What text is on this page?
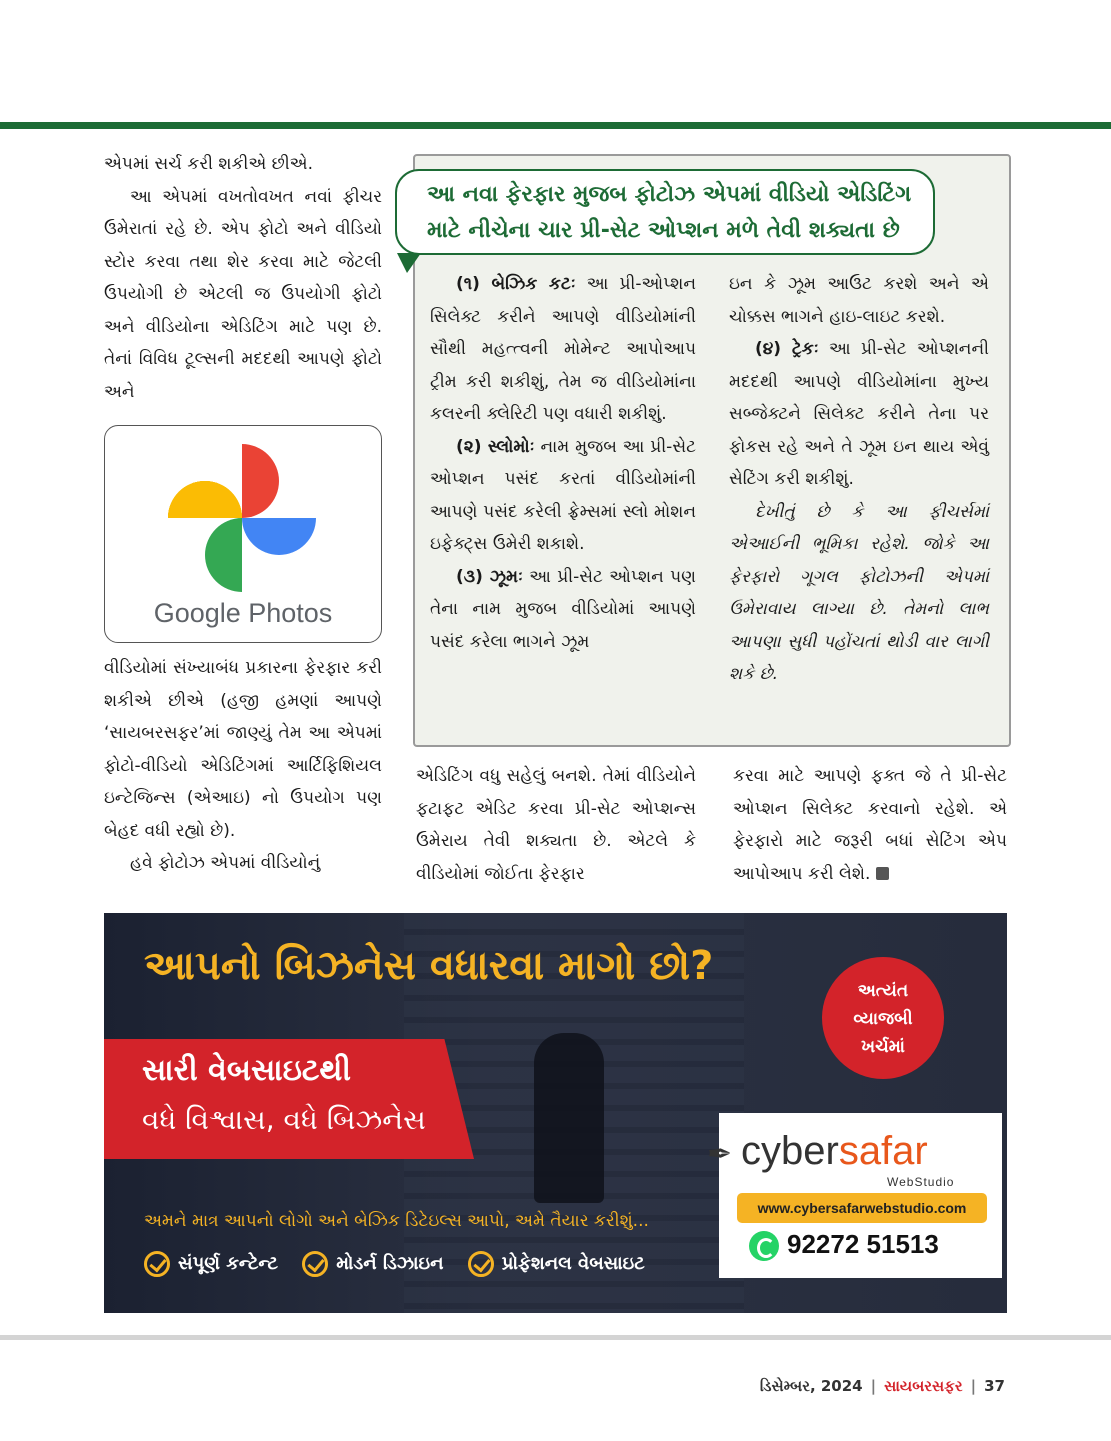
એપમાં સર્ચ કરી શકીએ છીએ.

આ એપમાં વખતોવખત નવાં ફીચર ઉમેરાતાં રહે છે. એપ ફોટો અને વીડિયો સ્ટોર કરવા તથા શેર કરવા માટે જેટલી ઉપયોગી છે એટલી જ ઉપયોગી ફોટો અને વીડિયોના એડિટિંગ માટે પણ છે. તેનાં વિવિધ ટૂલ્સની મદદથી આપણે ફોટો અને

Google Photos

વીડિયોમાં સંખ્યાબંધ પ્રકારના ફેરફાર કરી શકીએ છીએ (હજી હમણાં આપણે ‘સાયબરસફર’માં જાણ્યું તેમ આ એપમાં ફોટો-વીડિયો એડિટિંગમાં આર્ટિફિશિયલ ઇન્ટેજિન્સ (એઆઇ) નો ઉપયોગ પણ બેહદ વધી રહ્યો છે).

હવે ફોટોઝ એપમાં વીડિયોનું

આ નવા ફેરફાર મુજબ ફોટોઝ એપમાં વીડિયો એડિટિંગ
માટે નીચેના ચાર પ્રી-સેટ ઓપ્શન મળે તેવી શક્યતા છે

(૧) બેઝિક કટઃ આ પ્રી-ઓપ્શન સિલેક્ટ કરીને આપણે વીડિયોમાંની સૌથી મહત્ત્વની મોમેન્ટ આપોઆપ ટ્રીમ કરી શકીશું, તેમ જ વીડિયોમાંના કલરની ક્લેરિટી પણ વધારી શકીશું.

(૨) સ્લોમોઃ નામ મુજબ આ પ્રી-સેટ ઓપ્શન પસંદ કરતાં વીડિયોમાંની આપણે પસંદ કરેલી ફ્રેમ્સમાં સ્લો મોશન ઇફેક્ટ્સ ઉમેરી શકાશે.

(૩) ઝૂમઃ આ પ્રી-સેટ ઓપ્શન પણ તેના નામ મુજબ વીડિયોમાં આપણે પસંદ કરેલા ભાગને ઝૂમ

ઇન કે ઝૂમ આઉટ કરશે અને એ ચોક્કસ ભાગને હાઇ-લાઇટ કરશે.

(૪) ટ્રેકઃ આ પ્રી-સેટ ઓપ્શનની મદદથી આપણે વીડિયોમાંના મુખ્ય સબ્જેક્ટને સિલેક્ટ કરીને તેના પર ફોકસ રહે અને તે ઝૂમ ઇન થાય એવું સેટિંગ કરી શકીશું.

દેખીતું છે કે આ ફીચર્સમાં એઆઈની ભૂમિકા રહેશે. જોકે આ ફેરફારો ગૂગલ ફોટોઝની એપમાં ઉમેરાવાય લાગ્યા છે. તેમનો લાભ આપણા સુધી પહોંચતાં થોડી વાર લાગી શકે છે.

એડિટિંગ વધુ સહેલું બનશે. તેમાં વીડિયોને ફટાફટ એડિટ કરવા પ્રી-સેટ ઓપ્શન્સ ઉમેરાય તેવી શક્યતા છે. એટલે કે વીડિયોમાં જોઈતા ફેરફાર

કરવા માટે આપણે ફક્ત જે તે પ્રી-સેટ ઓપ્શન સિલેક્ટ કરવાનો રહેશે. એ ફેરફારો માટે જરૂરી બધાં સેટિંગ એપ આપોઆપ કરી લેશે.

આપનો બિઝનેસ વધારવા માગો છો?
અત્યંત
વ્યાજબી
ખર્ચમાં
સારી વેબસાઇટથી
વધે વિશ્વાસ, વધે બિઝનેસ
અમને માત્ર આપનો લોગો અને બેઝિક ડિટેઇલ્સ આપો, અમે તૈયાર કરીશું...
સંપૂર્ણ કન્ટેન્ટ	મોડર્ન ડિઝાઇન	પ્રોફેશનલ વેબસાઇટ
✒ cybersafar
WebStudio
www.cybersafarwebstudio.com
92272 51513
ડિસેમ્બર, 2024 | સાયબરસફર | 37
